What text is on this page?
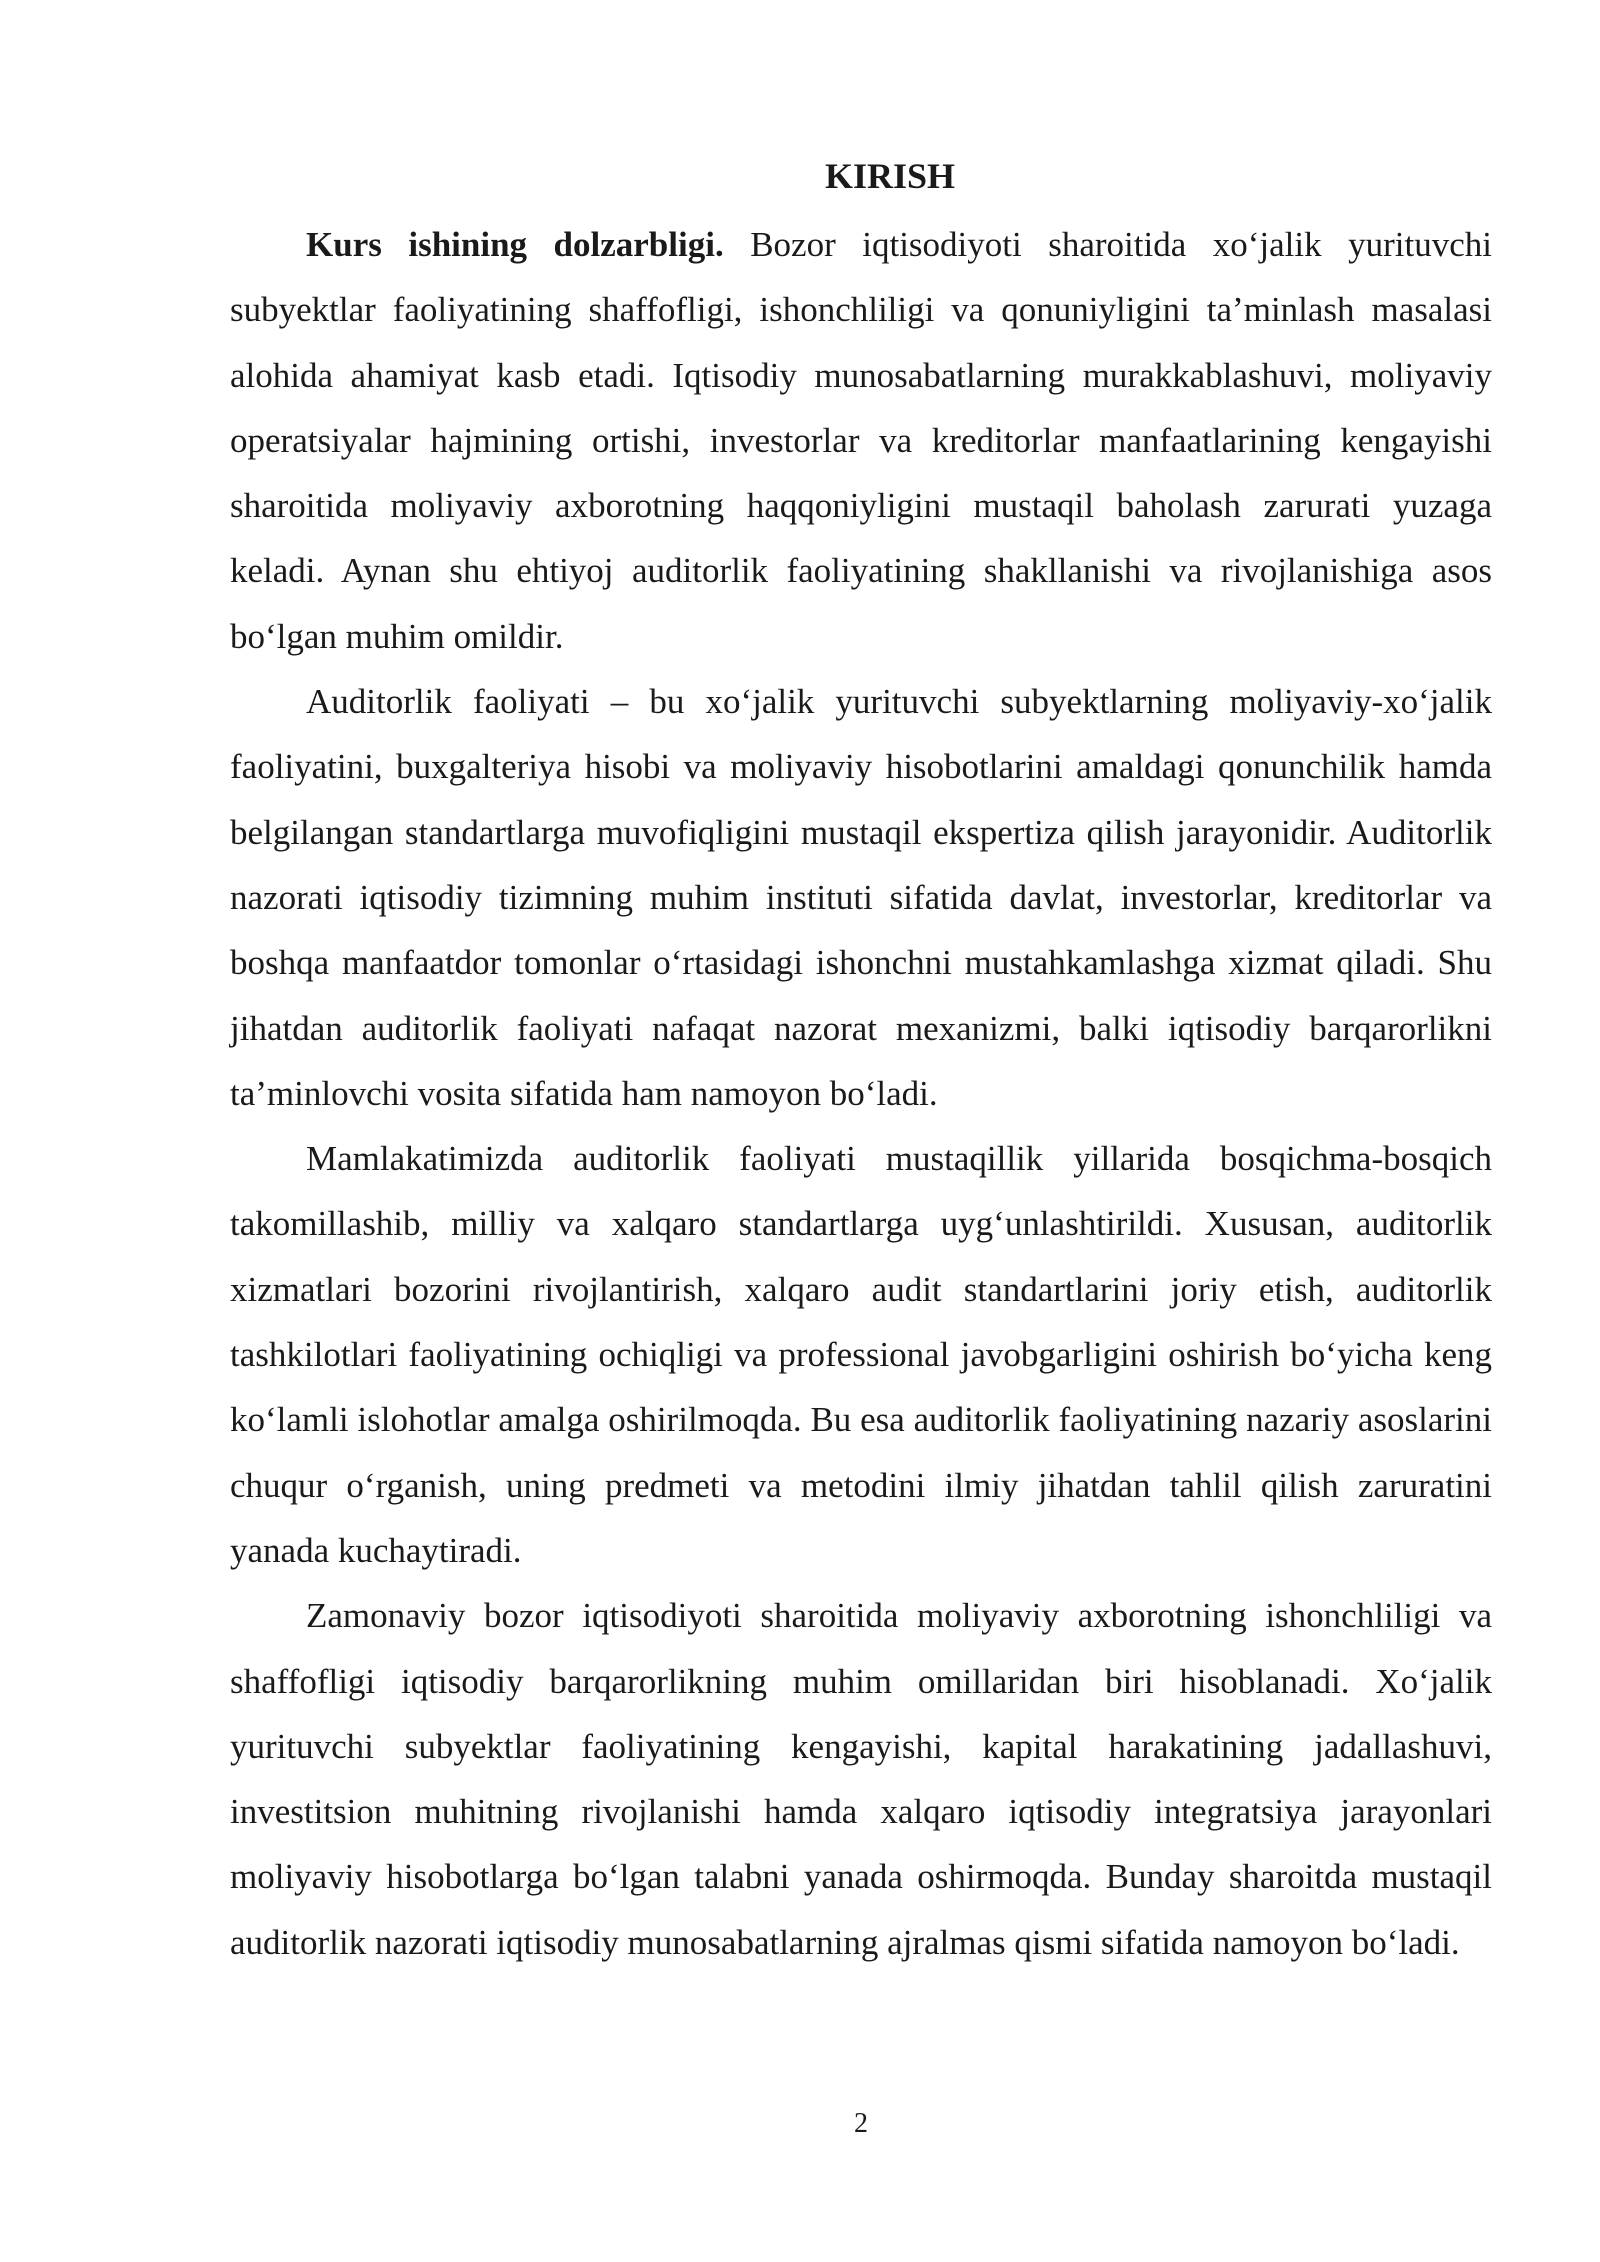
KIRISH

Kurs ishining dolzarbligi. Bozor iqtisodiyoti sharoitida xo‘jalik yurituvchi subyektlar faoliyatining shaffofligi, ishonchliligi va qonuniyligini ta’minlash masalasi alohida ahamiyat kasb etadi. Iqtisodiy munosabatlarning murakkablashuvi, moliyaviy operatsiyalar hajmining ortishi, investorlar va kreditorlar manfaatlarining kengayishi sharoitida moliyaviy axborotning haqqoniyligini mustaqil baholash zarurati yuzaga keladi. Aynan shu ehtiyoj auditorlik faoliyatining shakllanishi va rivojlanishiga asos bo‘lgan muhim omildir.

Auditorlik faoliyati – bu xo‘jalik yurituvchi subyektlarning moliyaviy-xo‘jalik faoliyatini, buxgalteriya hisobi va moliyaviy hisobotlarini amaldagi qonunchilik hamda belgilangan standartlarga muvofiqligini mustaqil ekspertiza qilish jarayonidir. Auditorlik nazorati iqtisodiy tizimning muhim instituti sifatida davlat, investorlar, kreditorlar va boshqa manfaatdor tomonlar o‘rtasidagi ishonchni mustahkamlashga xizmat qiladi. Shu jihatdan auditorlik faoliyati nafaqat nazorat mexanizmi, balki iqtisodiy barqarorlikni ta’minlovchi vosita sifatida ham namoyon bo‘ladi.

Mamlakatimizda auditorlik faoliyati mustaqillik yillarida bosqichma-bosqich takomillashib, milliy va xalqaro standartlarga uyg‘unlashtirildi. Xususan, auditorlik xizmatlari bozorini rivojlantirish, xalqaro audit standartlarini joriy etish, auditorlik tashkilotlari faoliyatining ochiqligi va professional javobgarligini oshirish bo‘yicha keng ko‘lamli islohotlar amalga oshirilmoqda. Bu esa auditorlik faoliyatining nazariy asoslarini chuqur o‘rganish, uning predmeti va metodini ilmiy jihatdan tahlil qilish zaruratini yanada kuchaytiradi.

Zamonaviy bozor iqtisodiyoti sharoitida moliyaviy axborotning ishonchliligi va shaffofligi iqtisodiy barqarorlikning muhim omillaridan biri hisoblanadi. Xo‘jalik yurituvchi subyektlar faoliyatining kengayishi, kapital harakatining jadallashuvi, investitsion muhitning rivojlanishi hamda xalqaro iqtisodiy integratsiya jarayonlari moliyaviy hisobotlarga bo‘lgan talabni yanada oshirmoqda. Bunday sharoitda mustaqil auditorlik nazorati iqtisodiy munosabatlarning ajralmas qismi sifatida namoyon bo‘ladi.

2
